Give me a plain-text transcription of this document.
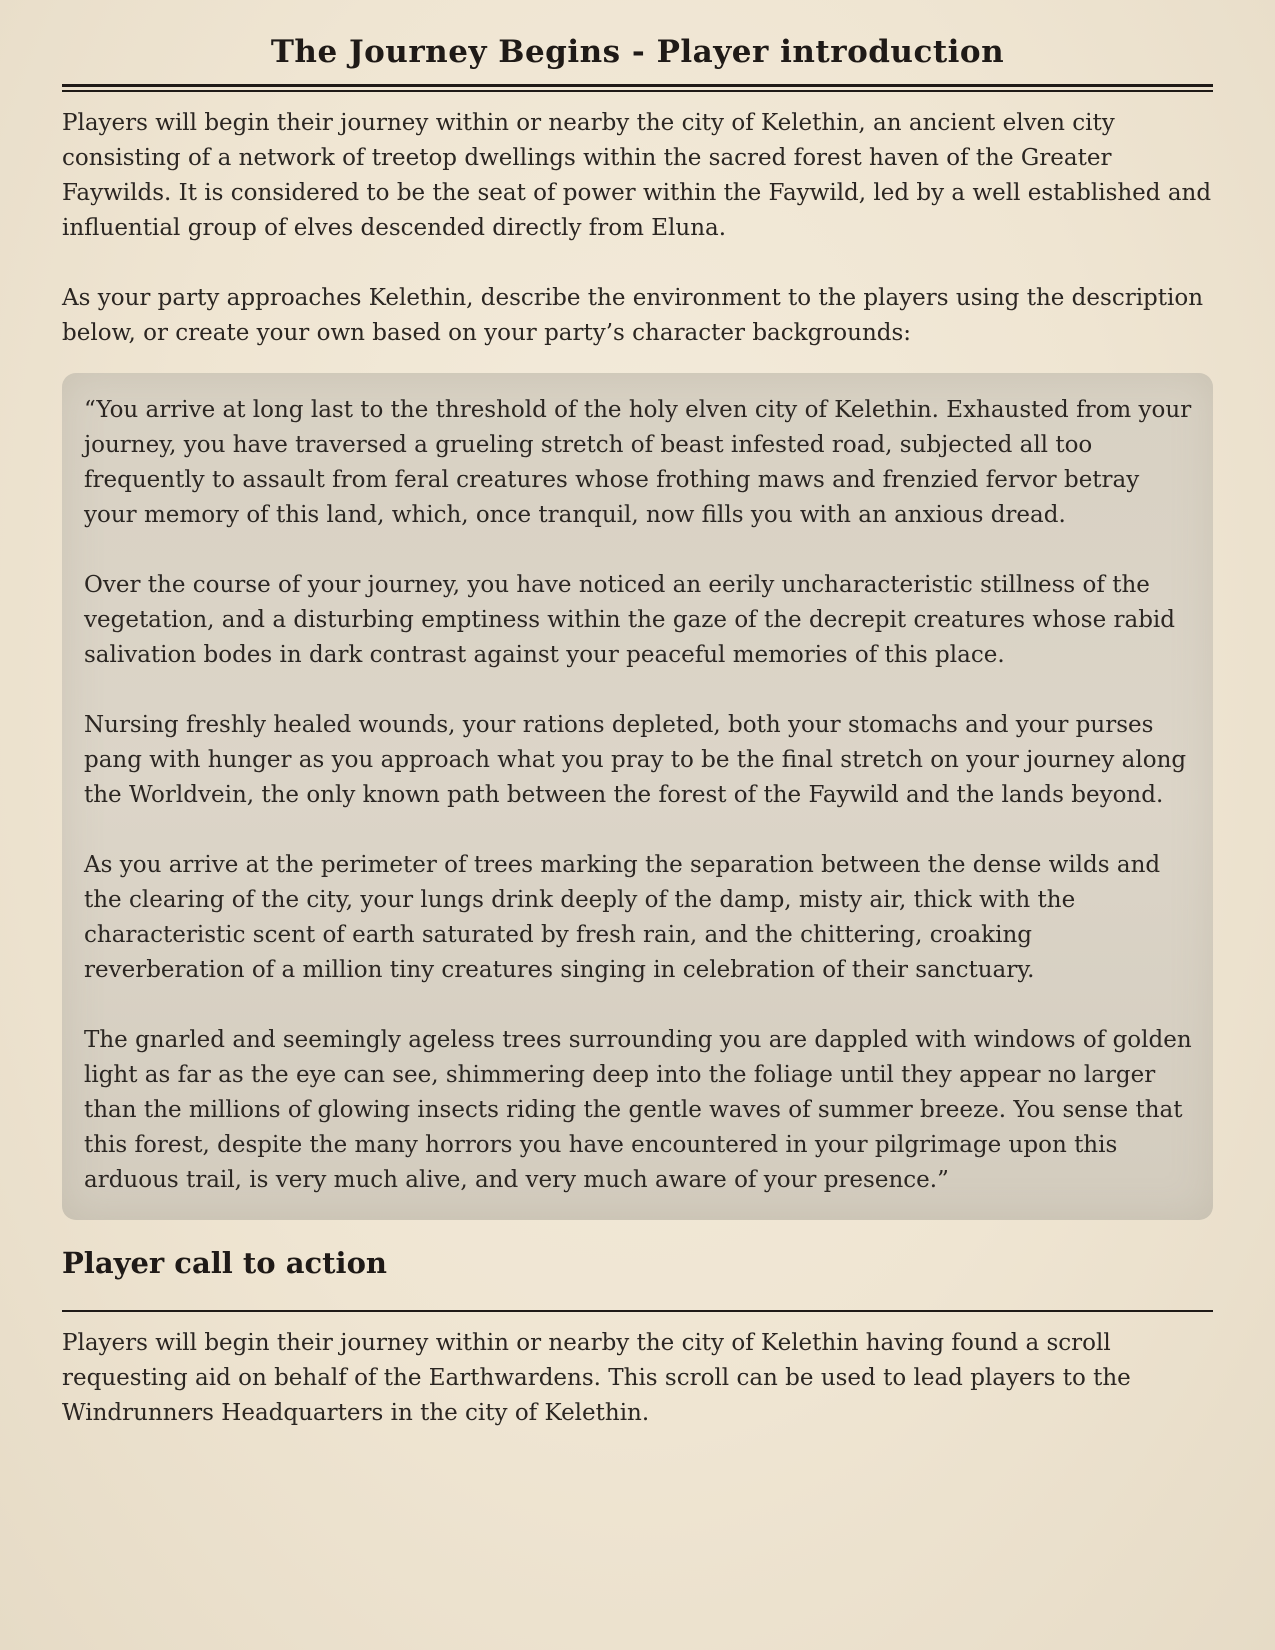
The Journey Begins - Player introduction

Players will begin their journey within or nearby the city of Kelethin, an ancient elven city consisting of a network of treetop dwellings within the sacred forest haven of the Greater Faywilds. It is considered to be the seat of power within the Faywild, led by a well established and influential group of elves descended directly from Eluna.

As your party approaches Kelethin, describe the environment to the players using the description below, or create your own based on your party’s character backgrounds:

“You arrive at long last to the threshold of the holy elven city of Kelethin. Exhausted from your journey, you have traversed a grueling stretch of beast infested road, subjected all too frequently to assault from feral creatures whose frothing maws and frenzied fervor betray your memory of this land, which, once tranquil, now fills you with an anxious dread.

Over the course of your journey, you have noticed an eerily uncharacteristic stillness of the vegetation, and a disturbing emptiness within the gaze of the decrepit creatures whose rabid salivation bodes in dark contrast against your peaceful memories of this place.

Nursing freshly healed wounds, your rations depleted, both your stomachs and your purses pang with hunger as you approach what you pray to be the final stretch on your journey along the Worldvein, the only known path between the forest of the Faywild and the lands beyond.

As you arrive at the perimeter of trees marking the separation between the dense wilds and the clearing of the city, your lungs drink deeply of the damp, misty air, thick with the characteristic scent of earth saturated by fresh rain, and the chittering, croaking reverberation of a million tiny creatures singing in celebration of their sanctuary.

The gnarled and seemingly ageless trees surrounding you are dappled with windows of golden light as far as the eye can see, shimmering deep into the foliage until they appear no larger than the millions of glowing insects riding the gentle waves of summer breeze. You sense that this forest, despite the many horrors you have encountered in your pilgrimage upon this arduous trail, is very much alive, and very much aware of your presence.”

Player call to action

Players will begin their journey within or nearby the city of Kelethin having found a scroll requesting aid on behalf of the Earthwardens. This scroll can be used to lead players to the Windrunners Headquarters in the city of Kelethin.
